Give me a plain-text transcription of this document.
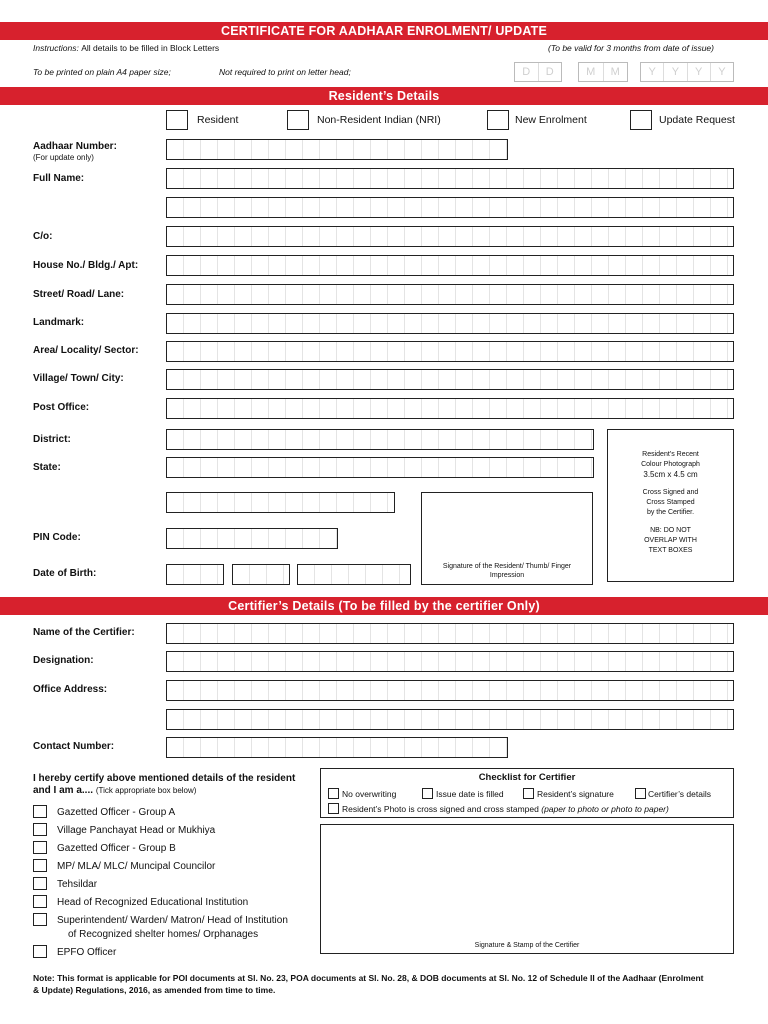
CERTIFICATE FOR AADHAAR ENROLMENT/ UPDATE
Instructions: All details to be filled in Block Letters	(To be valid for 3 months from date of issue)
To be printed on plain A4 paper size;	Not required to print on letter head;	D	D	M	M	Y	Y	Y	Y
Resident’s Details
Resident	Non-Resident Indian (NRI)	New Enrolment	Update Request
Aadhaar Number:
(For update only)
Full Name:
C/o:
House No./ Bldg./ Apt:
Street/ Road/ Lane:
Landmark:
Area/ Locality/ Sector:
Village/ Town/ City:
Post Office:
District:
State:
PIN Code:
Date of Birth:
Signature of the Resident/ Thumb/ Finger Impression
Resident’s Recent
Colour Photograph
3.5cm x 4.5 cm
Cross Signed and
Cross Stamped
by the Certifier.
NB: DO NOT
OVERLAP WITH
TEXT BOXES
Certifier’s Details (To be filled by the certifier Only)
Name of the Certifier:
Designation:
Office Address:
Contact Number:
I hereby certify above mentioned details of the resident
and I am a.... (Tick appropriate box below)
Gazetted Officer - Group A
Village Panchayat Head or Mukhiya
Gazetted Officer - Group B
MP/ MLA/ MLC/ Muncipal Councilor
Tehsildar
Head of Recognized Educational Institution
Superintendent/ Warden/ Matron/ Head of Institution
of Recognized shelter homes/ Orphanages
EPFO Officer
Checklist for Certifier
No overwriting	Issue date is filled	Resident’s signature	Certifier’s details
Resident’s Photo is cross signed and cross stamped (paper to photo or photo to paper)
Signature & Stamp of the Certifier
Note: This format is applicable for POI documents at Sl. No. 23, POA documents at Sl. No. 28, & DOB documents at Sl. No. 12 of Schedule II of the Aadhaar (Enrolment
& Update) Regulations, 2016, as amended from time to time.
